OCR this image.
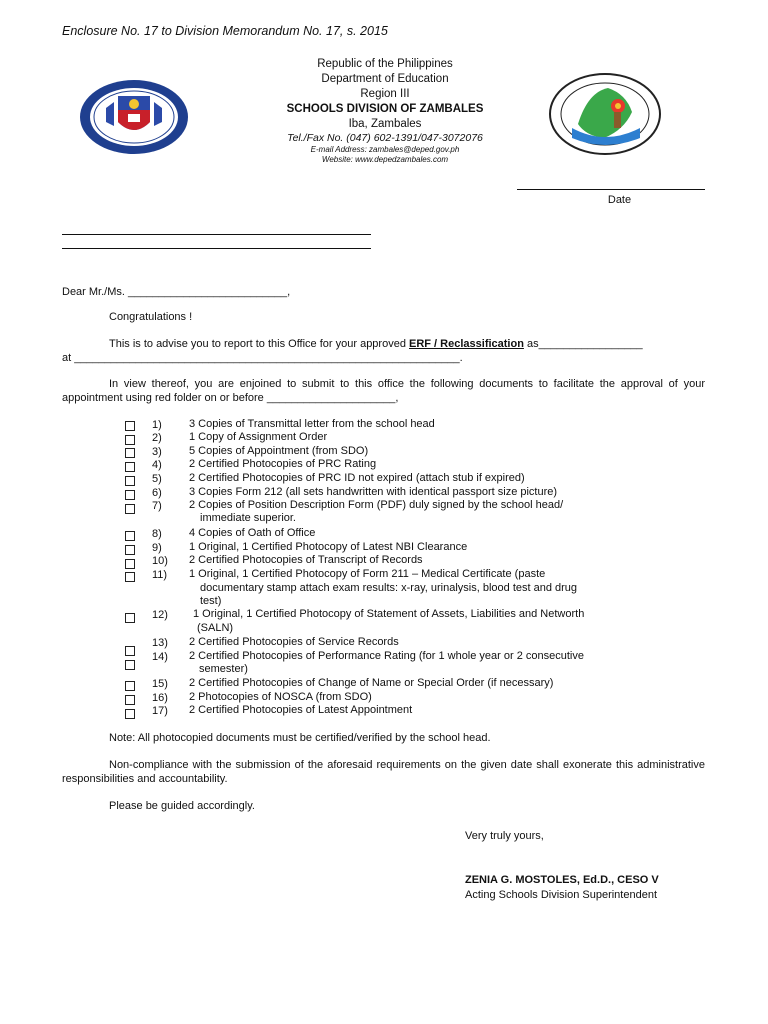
Enclosure No. 17 to Division Memorandum No. 17, s. 2015
Republic of the Philippines
Department of Education
Region III
SCHOOLS DIVISION OF ZAMBALES
Iba, Zambales
Tel./Fax No. (047) 602-1391/047-3072076
E-mail Address: zambales@deped.gov.ph
Website: www.depedzambales.com
Date
Dear Mr./Ms. __________________________,
Congratulations !
This is to advise you to report to this Office for your approved ERF / Reclassification as_________________
at _______________________________________________________________.
In view thereof, you are enjoined to submit to this office the following documents to facilitate the approval of your appointment using red folder on or before _____________________,
1) 3 Copies of Transmittal letter from the school head
2) 1 Copy of Assignment Order
3) 5 Copies of Appointment (from SDO)
4) 2 Certified Photocopies of PRC Rating
5) 2 Certified Photocopies of PRC ID not expired (attach stub if expired)
6) 3 Copies Form 212 (all sets handwritten with identical passport size picture)
7) 2 Copies of Position Description Form (PDF) duly signed by the school head/
immediate superior.
8) 4 Copies of Oath of Office
9) 1 Original, 1 Certified Photocopy of Latest NBI Clearance
10) 2 Certified Photocopies of Transcript of Records
11) 1 Original, 1 Certified Photocopy of Form 211 – Medical Certificate (paste
documentary stamp attach exam results: x-ray, urinalysis, blood test and drug
test)
12) 1 Original, 1 Certified Photocopy of Statement of Assets, Liabilities and Networth
(SALN)
13) 2 Certified Photocopies of Service Records
14) 2 Certified Photocopies of Performance Rating (for 1 whole year or 2 consecutive
semester)
15) 2 Certified Photocopies of Change of Name or Special Order (if necessary)
16) 2 Photocopies of NOSCA (from SDO)
17) 2 Certified Photocopies of Latest Appointment
Note: All photocopied documents must be certified/verified by the school head.
Non-compliance with the submission of the aforesaid requirements on the given date shall exonerate this administrative responsibilities and accountability.
Please be guided accordingly.
Very truly yours,
ZENIA G. MOSTOLES, Ed.D., CESO V
Acting Schools Division Superintendent
